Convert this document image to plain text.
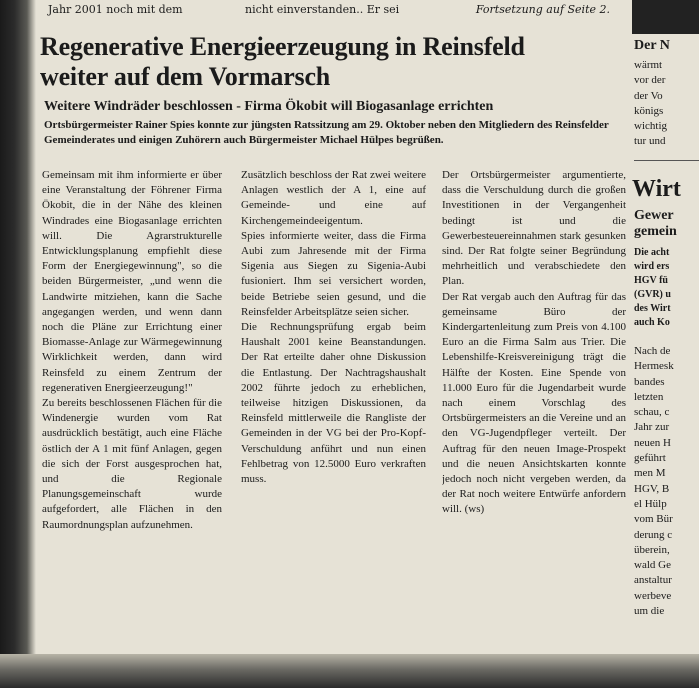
Jahr 2001 noch mit dem	nicht einverstanden.. Er sei	Fortsetzung auf Seite 2.
Regenerative Energieerzeugung in Reinsfeld
weiter auf dem Vormarsch

Weitere Windräder beschlossen - Firma Ökobit will Biogasanlage errichten

Ortsbürgermeister Rainer Spies konnte zur jüngsten Ratssitzung am 29. Oktober neben den Mitgliedern des Reinsfelder Gemeinderates und einigen Zuhörern auch Bürgermeister Michael Hülpes begrüßen.

Gemeinsam mit ihm informierte er über eine Veranstaltung der Föhrener Firma Ökobit, die in der Nähe des kleinen Windrades eine Biogasanlage errichten will. Die Agrarstrukturelle Entwicklungsplanung empfiehlt diese Form der Energiegewinnung", so die beiden Bürgermeister, „und wenn die Landwirte mitziehen, kann die Sache angegangen werden, und wenn dann noch die Pläne zur Errichtung einer Biomasse-Anlage zur Wärmegewinnung Wirklichkeit werden, dann wird Reinsfeld zu einem Zentrum der regenerativen Energieerzeugung!"

Zu bereits beschlossenen Flächen für die Windenergie wurden vom Rat ausdrücklich bestätigt, auch eine Fläche östlich der A 1 mit fünf Anlagen, gegen die sich der Forst ausgesprochen hat, und die Regionale Planungsgemeinschaft wurde aufgefordert, alle Flächen in den Raumordnungsplan aufzunehmen.

Zusätzlich beschloss der Rat zwei weitere Anlagen westlich der A 1, eine auf Gemeinde- und eine auf Kirchengemeindeeigentum.

Spies informierte weiter, dass die Firma Aubi zum Jahresende mit der Firma Sigenia aus Siegen zu Sigenia-Aubi fusioniert. Ihm sei versichert worden, beide Betriebe seien gesund, und die Reinsfelder Arbeitsplätze seien sicher.

Die Rechnungsprüfung ergab beim Haushalt 2001 keine Beanstandungen. Der Rat erteilte daher ohne Diskussion die Entlastung. Der Nachtragshaushalt 2002 führte jedoch zu erheblichen, teilweise hitzigen Diskussionen, da Reinsfeld mittlerweile die Rangliste der Gemeinden in der VG bei der Pro-Kopf-Verschuldung anführt und nun einen Fehlbetrag von 12.5000 Euro verkraften muss.

Der Ortsbürgermeister argumentierte, dass die Verschuldung durch die großen Investitionen in der Vergangenheit bedingt ist und die Gewerbesteuereinnahmen stark gesunken sind. Der Rat folgte seiner Begründung mehrheitlich und verabschiedete den Plan.

Der Rat vergab auch den Auftrag für das gemeinsame Büro der Kindergartenleitung zum Preis von 4.100 Euro an die Firma Salm aus Trier. Die Lebenshilfe-Kreisvereinigung trägt die Hälfte der Kosten. Eine Spende von 11.000 Euro für die Jugendarbeit wurde nach einem Vorschlag des Ortsbürgermeisters an die Vereine und an den VG-Jugendpfleger verteilt. Der Auftrag für den neuen Image-Prospekt und die neuen Ansichtskarten konnte jedoch noch nicht vergeben werden, da der Rat noch weitere Entwürfe anfordern will. (ws)

Der N
wärmt
vor der
der Vo
königs
wichtig
tur und
Wirt
Gewer
gemein
Die acht
wird ers
HGV fü
(GVR) u
des Wirt
auch Ko
Nach de
Hermesk
bandes
letzten
schau, c
Jahr zur
neuen H
geführt
men M
HGV, B
el Hülp
vom Bür
derung c
überein,
wald Ge
anstaltur
werbeve
um die
